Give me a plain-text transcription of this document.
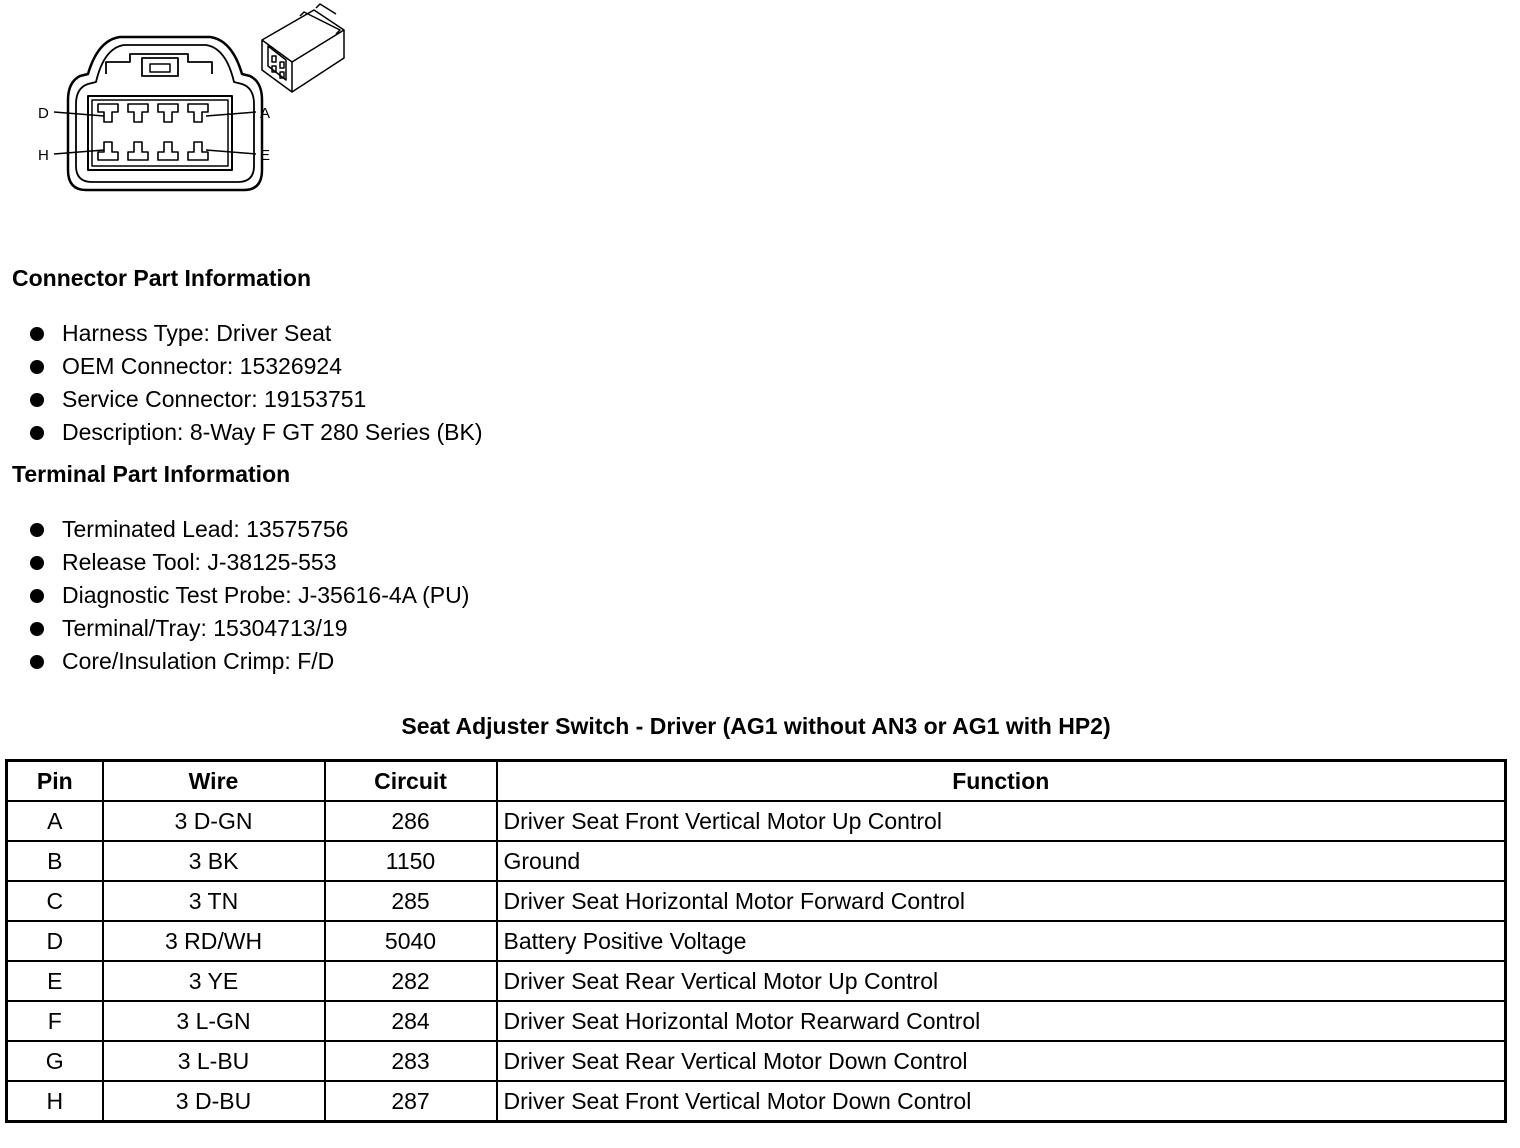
D	A
H	E
Connector Part Information
Harness Type: Driver Seat
OEM Connector: 15326924
Service Connector: 19153751
Description: 8-Way F GT 280 Series (BK)
Terminal Part Information
Terminated Lead: 13575756
Release Tool: J-38125-553
Diagnostic Test Probe: J-35616-4A (PU)
Terminal/Tray: 15304713/19
Core/Insulation Crimp: F/D
Seat Adjuster Switch - Driver (AG1 without AN3 or AG1 with HP2)
Pin	Wire	Circuit	Function
A	3 D-GN	286	Driver Seat Front Vertical Motor Up Control
B	3 BK	1150	Ground
C	3 TN	285	Driver Seat Horizontal Motor Forward Control
D	3 RD/WH	5040	Battery Positive Voltage
E	3 YE	282	Driver Seat Rear Vertical Motor Up Control
F	3 L-GN	284	Driver Seat Horizontal Motor Rearward Control
G	3 L-BU	283	Driver Seat Rear Vertical Motor Down Control
H	3 D-BU	287	Driver Seat Front Vertical Motor Down Control
